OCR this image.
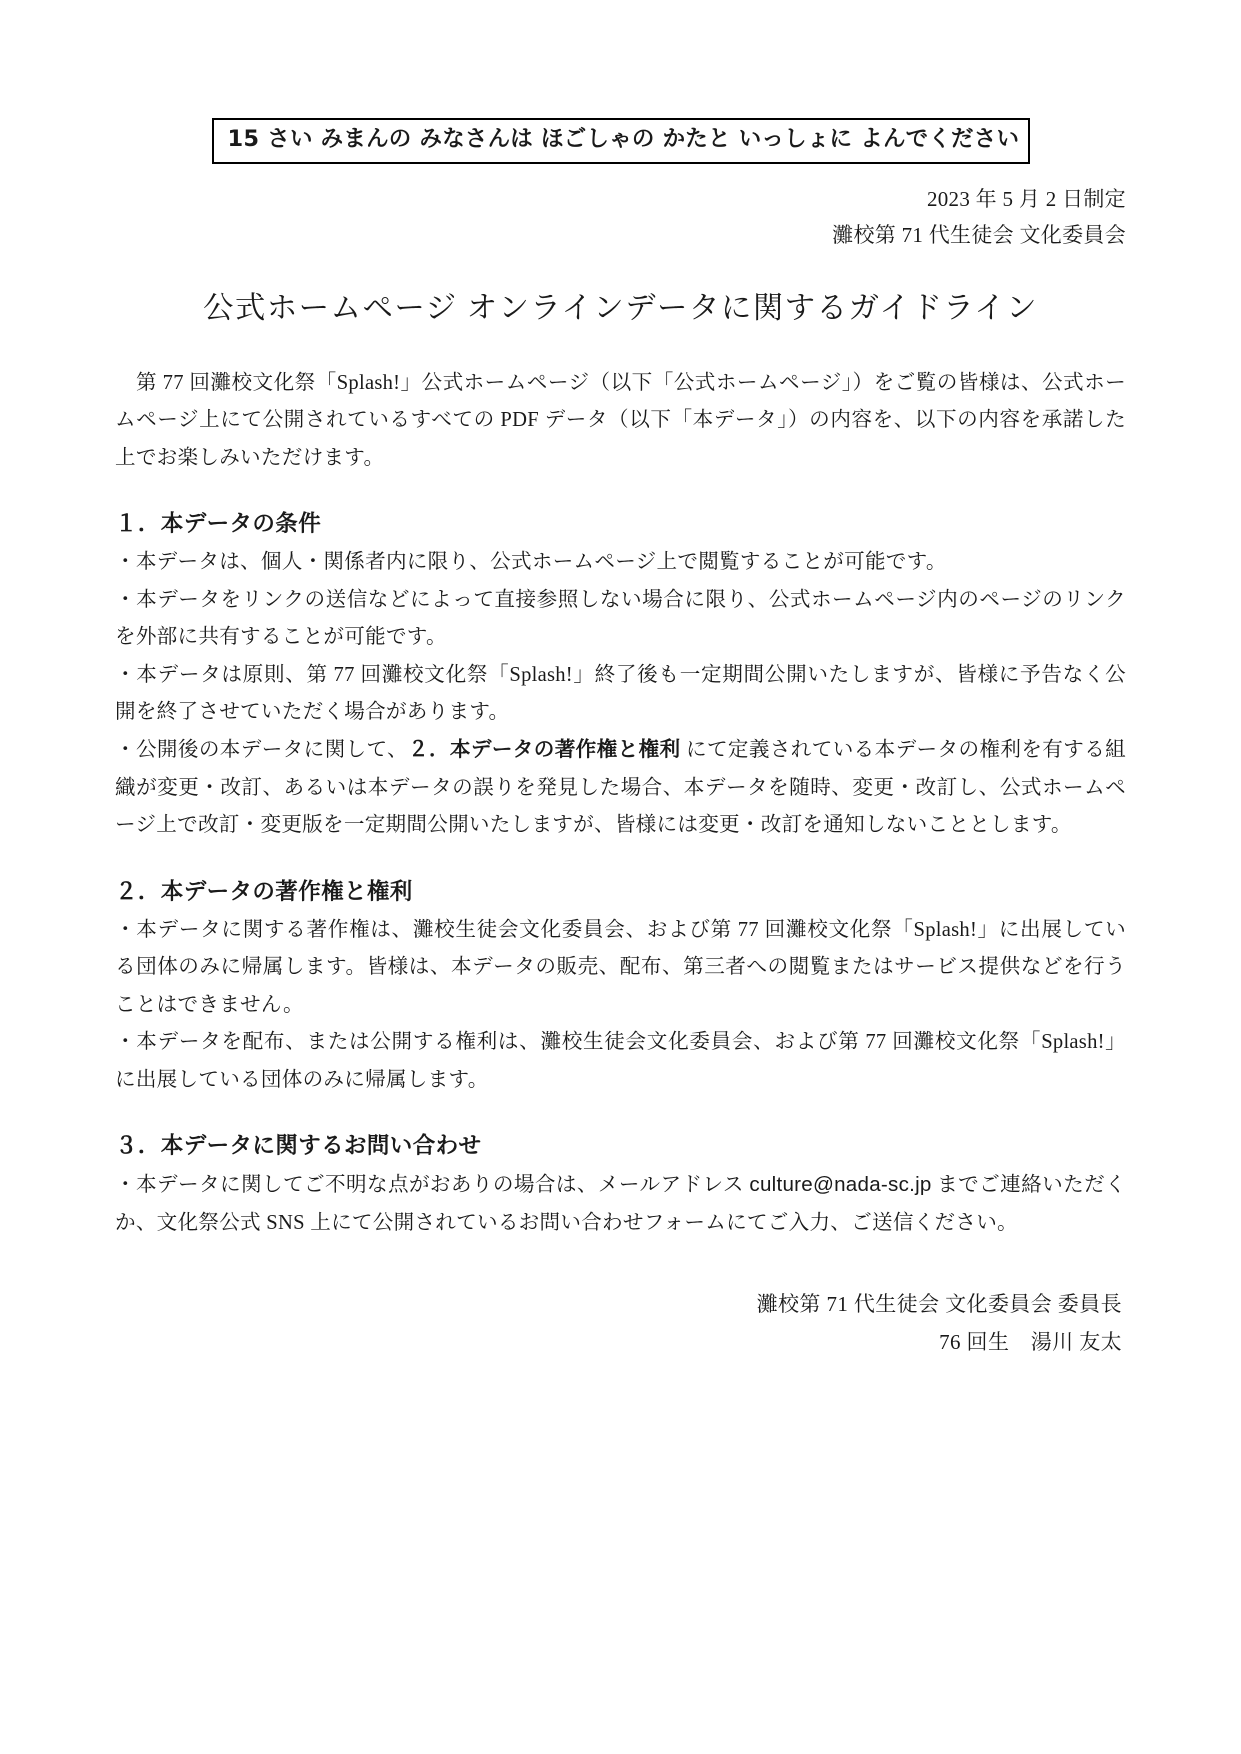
15 さい みまんの みなさんは ほごしゃの かたと いっしょに よんでください
2023 年 5 月 2 日制定
灘校第 71 代生徒会 文化委員会
公式ホームページ オンラインデータに関するガイドライン

第 77 回灘校文化祭「Splash!」公式ホームページ（以下「公式ホームページ」）をご覧の皆様は、公式ホームページ上にて公開されているすべての PDF データ（以下「本データ」）の内容を、以下の内容を承諾した上でお楽しみいただけます。

１．本データの条件

・本データは、個人・関係者内に限り、公式ホームページ上で閲覧することが可能です。

・本データをリンクの送信などによって直接参照しない場合に限り、公式ホームページ内のページのリンクを外部に共有することが可能です。

・本データは原則、第 77 回灘校文化祭「Splash!」終了後も一定期間公開いたしますが、皆様に予告なく公開を終了させていただく場合があります。

・公開後の本データに関して、２．本データの著作権と権利 にて定義されている本データの権利を有する組織が変更・改訂、あるいは本データの誤りを発見した場合、本データを随時、変更・改訂し、公式ホームページ上で改訂・変更版を一定期間公開いたしますが、皆様には変更・改訂を通知しないこととします。

２．本データの著作権と権利

・本データに関する著作権は、灘校生徒会文化委員会、および第 77 回灘校文化祭「Splash!」に出展している団体のみに帰属します。皆様は、本データの販売、配布、第三者への閲覧またはサービス提供などを行うことはできません。

・本データを配布、または公開する権利は、灘校生徒会文化委員会、および第 77 回灘校文化祭「Splash!」に出展している団体のみに帰属します。

３．本データに関するお問い合わせ

・本データに関してご不明な点がおありの場合は、メールアドレス culture@nada-sc.jp までご連絡いただくか、文化祭公式 SNS 上にて公開されているお問い合わせフォームにてご入力、ご送信ください。

灘校第 71 代生徒会 文化委員会 委員長
76 回生　湯川 友太
